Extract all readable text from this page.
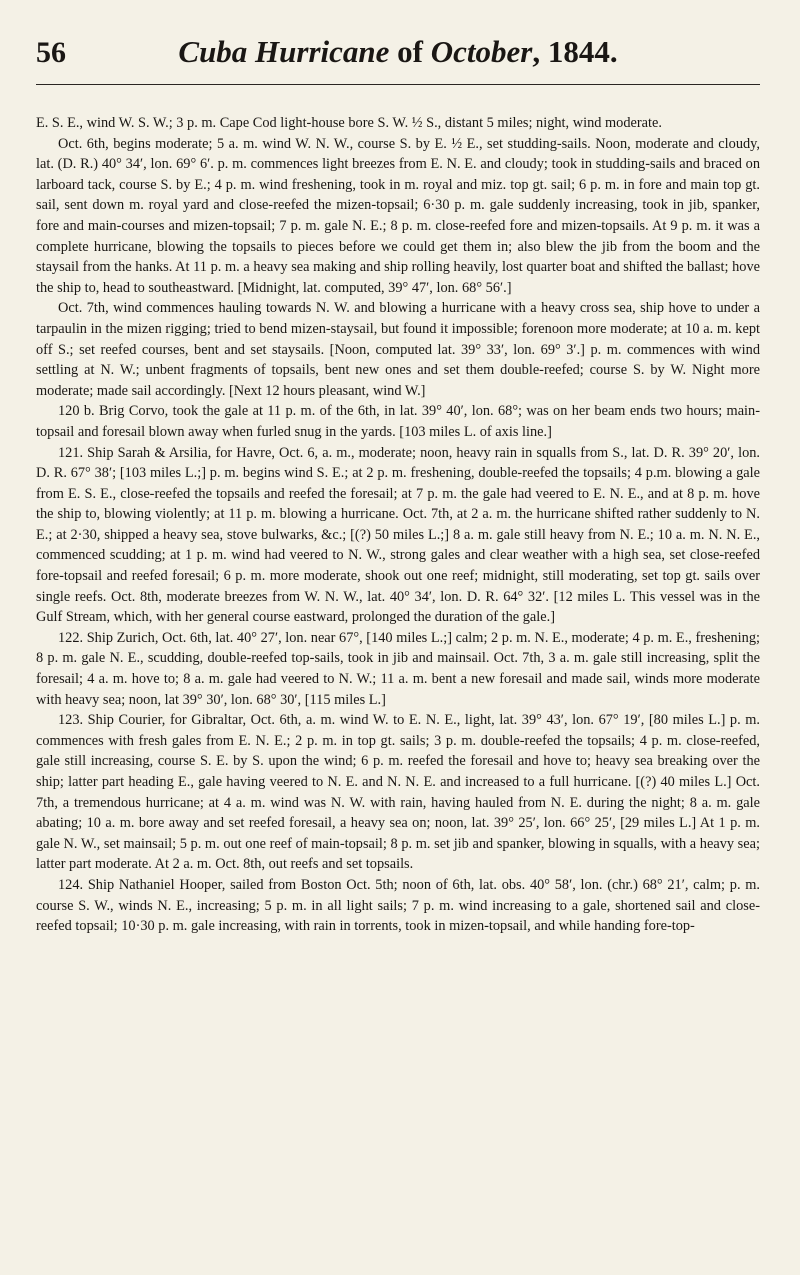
56	Cuba Hurricane of October, 1844.

E. S. E., wind W. S. W.; 3 p. m. Cape Cod light-house bore S. W. ½ S., distant 5 miles; night, wind moderate.

Oct. 6th, begins moderate; 5 a. m. wind W. N. W., course S. by E. ½ E., set studding-sails. Noon, moderate and cloudy, lat. (D. R.) 40° 34′, lon. 69° 6′. p. m. commences light breezes from E. N. E. and cloudy; took in studding-sails and braced on larboard tack, course S. by E.; 4 p. m. wind freshening, took in m. royal and miz. top gt. sail; 6 p. m. in fore and main top gt. sail, sent down m. royal yard and close-reefed the mizen-topsail; 6·30 p. m. gale suddenly increasing, took in jib, spanker, fore and main-courses and mizen-topsail; 7 p. m. gale N. E.; 8 p. m. close-reefed fore and mizen-topsails. At 9 p. m. it was a complete hurricane, blowing the topsails to pieces before we could get them in; also blew the jib from the boom and the staysail from the hanks. At 11 p. m. a heavy sea making and ship rolling heavily, lost quarter boat and shifted the ballast; hove the ship to, head to southeastward. [Midnight, lat. computed, 39° 47′, lon. 68° 56′.]

Oct. 7th, wind commences hauling towards N. W. and blowing a hurricane with a heavy cross sea, ship hove to under a tarpaulin in the mizen rigging; tried to bend mizen-staysail, but found it impossible; forenoon more moderate; at 10 a. m. kept off S.; set reefed courses, bent and set staysails. [Noon, computed lat. 39° 33′, lon. 69° 3′.] p. m. commences with wind settling at N. W.; unbent fragments of topsails, bent new ones and set them double-reefed; course S. by W. Night more moderate; made sail accordingly. [Next 12 hours pleasant, wind W.]

120 b. Brig Corvo, took the gale at 11 p. m. of the 6th, in lat. 39° 40′, lon. 68°; was on her beam ends two hours; main-topsail and foresail blown away when furled snug in the yards. [103 miles L. of axis line.]

121. Ship Sarah & Arsilia, for Havre, Oct. 6, a. m., moderate; noon, heavy rain in squalls from S., lat. D. R. 39° 20′, lon. D. R. 67° 38′; [103 miles L.;] p. m. begins wind S. E.; at 2 p. m. freshening, double-reefed the topsails; 4 p.m. blowing a gale from E. S. E., close-reefed the topsails and reefed the foresail; at 7 p. m. the gale had veered to E. N. E., and at 8 p. m. hove the ship to, blowing violently; at 11 p. m. blowing a hurricane. Oct. 7th, at 2 a. m. the hurricane shifted rather suddenly to N. E.; at 2·30, shipped a heavy sea, stove bulwarks, &c.; [(?) 50 miles L.;] 8 a. m. gale still heavy from N. E.; 10 a. m. N. N. E., commenced scudding; at 1 p. m. wind had veered to N. W., strong gales and clear weather with a high sea, set close-reefed fore-topsail and reefed foresail; 6 p. m. more moderate, shook out one reef; midnight, still moderating, set top gt. sails over single reefs. Oct. 8th, moderate breezes from W. N. W., lat. 40° 34′, lon. D. R. 64° 32′. [12 miles L. This vessel was in the Gulf Stream, which, with her general course eastward, prolonged the duration of the gale.]

122. Ship Zurich, Oct. 6th, lat. 40° 27′, lon. near 67°, [140 miles L.;] calm; 2 p. m. N. E., moderate; 4 p. m. E., freshening; 8 p. m. gale N. E., scudding, double-reefed top-sails, took in jib and mainsail. Oct. 7th, 3 a. m. gale still increasing, split the foresail; 4 a. m. hove to; 8 a. m. gale had veered to N. W.; 11 a. m. bent a new foresail and made sail, winds more moderate with heavy sea; noon, lat 39° 30′, lon. 68° 30′, [115 miles L.]

123. Ship Courier, for Gibraltar, Oct. 6th, a. m. wind W. to E. N. E., light, lat. 39° 43′, lon. 67° 19′, [80 miles L.] p. m. commences with fresh gales from E. N. E.; 2 p. m. in top gt. sails; 3 p. m. double-reefed the topsails; 4 p. m. close-reefed, gale still increasing, course S. E. by S. upon the wind; 6 p. m. reefed the foresail and hove to; heavy sea breaking over the ship; latter part heading E., gale having veered to N. E. and N. N. E. and increased to a full hurricane. [(?) 40 miles L.] Oct. 7th, a tremendous hurricane; at 4 a. m. wind was N. W. with rain, having hauled from N. E. during the night; 8 a. m. gale abating; 10 a. m. bore away and set reefed foresail, a heavy sea on; noon, lat. 39° 25′, lon. 66° 25′, [29 miles L.] At 1 p. m. gale N. W., set mainsail; 5 p. m. out one reef of main-topsail; 8 p. m. set jib and spanker, blowing in squalls, with a heavy sea; latter part moderate. At 2 a. m. Oct. 8th, out reefs and set topsails.

124. Ship Nathaniel Hooper, sailed from Boston Oct. 5th; noon of 6th, lat. obs. 40° 58′, lon. (chr.) 68° 21′, calm; p. m. course S. W., winds N. E., increasing; 5 p. m. in all light sails; 7 p. m. wind increasing to a gale, shortened sail and close-reefed topsail; 10·30 p. m. gale increasing, with rain in torrents, took in mizen-topsail, and while handing fore-top-
